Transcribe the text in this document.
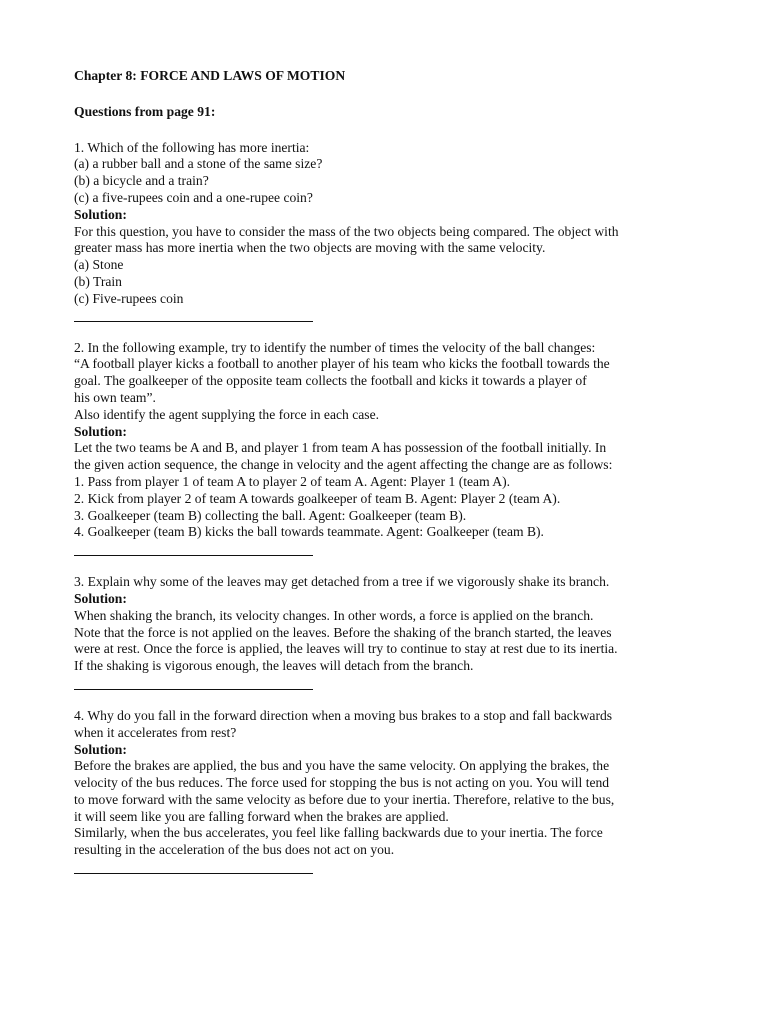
Chapter 8: FORCE AND LAWS OF MOTION
Questions from page 91:
1. Which of the following has more inertia:
(a) a rubber ball and a stone of the same size?
(b) a bicycle and a train?
(c) a five-rupees coin and a one-rupee coin?
Solution:
For this question, you have to consider the mass of the two objects being compared. The object with
greater mass has more inertia when the two objects are moving with the same velocity.
(a) Stone
(b) Train
(c) Five-rupees coin
2. In the following example, try to identify the number of times the velocity of the ball changes:
“A football player kicks a football to another player of his team who kicks the football towards the
goal. The goalkeeper of the opposite team collects the football and kicks it towards a player of
his own team”.
Also identify the agent supplying the force in each case.
Solution:
Let the two teams be A and B, and player 1 from team A has possession of the football initially. In
the given action sequence, the change in velocity and the agent affecting the change are as follows:
1. Pass from player 1 of team A to player 2 of team A. Agent: Player 1 (team A).
2. Kick from player 2 of team A towards goalkeeper of team B. Agent: Player 2 (team A).
3. Goalkeeper (team B) collecting the ball. Agent: Goalkeeper (team B).
4. Goalkeeper (team B) kicks the ball towards teammate. Agent: Goalkeeper (team B).
3. Explain why some of the leaves may get detached from a tree if we vigorously shake its branch.
Solution:
When shaking the branch, its velocity changes. In other words, a force is applied on the branch.
Note that the force is not applied on the leaves. Before the shaking of the branch started, the leaves
were at rest. Once the force is applied, the leaves will try to continue to stay at rest due to its inertia.
If the shaking is vigorous enough, the leaves will detach from the branch.
4. Why do you fall in the forward direction when a moving bus brakes to a stop and fall backwards
when it accelerates from rest?
Solution:
Before the brakes are applied, the bus and you have the same velocity. On applying the brakes, the
velocity of the bus reduces. The force used for stopping the bus is not acting on you. You will tend
to move forward with the same velocity as before due to your inertia. Therefore, relative to the bus,
it will seem like you are falling forward when the brakes are applied.
Similarly, when the bus accelerates, you feel like falling backwards due to your inertia. The force
resulting in the acceleration of the bus does not act on you.
